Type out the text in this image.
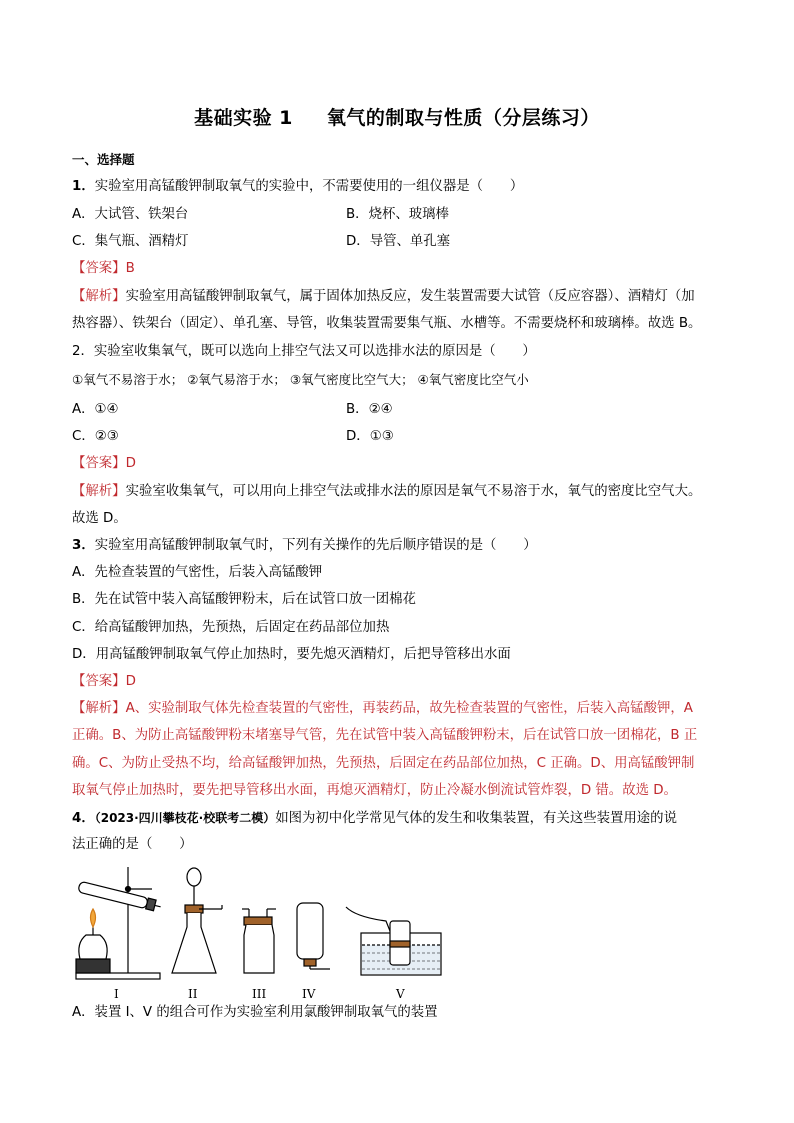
基础实验 1 氧气的制取与性质（分层练习）
一、选择题
1．实验室用高锰酸钾制取氧气的实验中，不需要使用的一组仪器是（　　）
A．大试管、铁架台	B．烧杯、玻璃棒
C．集气瓶、酒精灯	D．导管、单孔塞
【答案】B
【解析】实验室用高锰酸钾制取氧气，属于固体加热反应，发生装置需要大试管（反应容器）、酒精灯（加
热容器）、铁架台（固定）、单孔塞、导管，收集装置需要集气瓶、水槽等。不需要烧杯和玻璃棒。故选 B。
2．实验室收集氧气，既可以选向上排空气法又可以选排水法的原因是（　　）
①氧气不易溶于水； ②氧气易溶于水； ③氧气密度比空气大； ④氧气密度比空气小
A．①④	B．②④
C．②③	D．①③
【答案】D
【解析】实验室收集氧气，可以用向上排空气法或排水法的原因是氧气不易溶于水，氧气的密度比空气大。
故选 D。
3．实验室用高锰酸钾制取氧气时，下列有关操作的先后顺序错误的是（　　）
A．先检查装置的气密性，后装入高锰酸钾
B．先在试管中装入高锰酸钾粉末，后在试管口放一团棉花
C．给高锰酸钾加热，先预热，后固定在药品部位加热
D．用高锰酸钾制取氧气停止加热时，要先熄灭酒精灯，后把导管移出水面
【答案】D
【解析】A、实验制取气体先检查装置的气密性，再装药品，故先检查装置的气密性，后装入高锰酸钾，A
正确。B、为防止高锰酸钾粉末堵塞导气管，先在试管中装入高锰酸钾粉末，后在试管口放一团棉花，B 正
确。C、为防止受热不均，给高锰酸钾加热，先预热，后固定在药品部位加热，C 正确。D、用高锰酸钾制
取氧气停止加热时，要先把导管移出水面，再熄灭酒精灯，防止冷凝水倒流试管炸裂，D 错。故选 D。
4．（2023·四川攀枝花·校联考二模）如图为初中化学常见气体的发生和收集装置，有关这些装置用途的说
法正确的是（　　）
I	II	III	IV	V
A．装置 I、V 的组合可作为实验室利用氯酸钾制取氧气的装置
